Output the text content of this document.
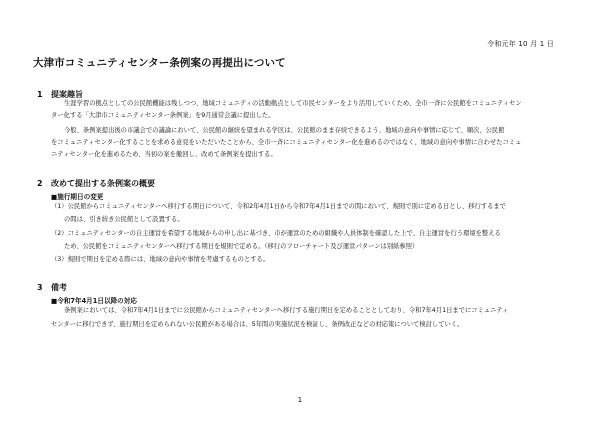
令和元年 10 月 1 日
大津市コミュニティセンター条例案の再提出について
1 提案趣旨
生涯学習の拠点としての公民館機能は残しつつ、地域コミュニティの活動拠点として市民センターをより活用していくため、全市一斉に公民館をコミュニティセン
ター化する「大津市コミュニティセンター条例案」を9月通常会議に提出した。
今般、条例案提出後の市議会での議論において、公民館の継続を望まれる学区は、公民館のまま存続できるよう、地域の意向や事情に応じて、順次、公民館
をコミュニティセンター化することを求める意見をいただいたことから、全市一斉にコミュニティセンター化を進めるのではなく、地域の意向や事情に合わせたコミュ
ニティセンター化を進めるため、当初の案を撤回し、改めて条例案を提出する。
2 改めて提出する条例案の概要
■施行期日の変更
（1）公民館からコミュニティセンターへ移行する期日について、令和2年4月1日から令和7年4月1日までの間において、規則で別に定める日とし、移行するまで
の間は、引き続き公民館として設置する。
（2）コミュニティセンターの自主運営を希望する地域からの申し出に基づき、市が運営のための組織や人員体制を確認した上で、自主運営を行う環境を整える
ため、公民館をコミュニティセンターへ移行する期日を規則で定める。（移行のフローチャート及び運営パターンは別紙参照）
（3）規則で期日を定める際には、地域の意向や事情を考慮するものとする。
3 備考
■令和7年4月1日以降の対応
条例案においては、令和7年4月1日までに公民館からコミュニティセンターへ移行する施行期日を定めることとしており、令和7年4月1日までにコミュニティ
センターに移行できず、施行期日を定められない公民館がある場合は、5年間の実施状況を検証し、条例改正などの対応策について検討していく。
1
